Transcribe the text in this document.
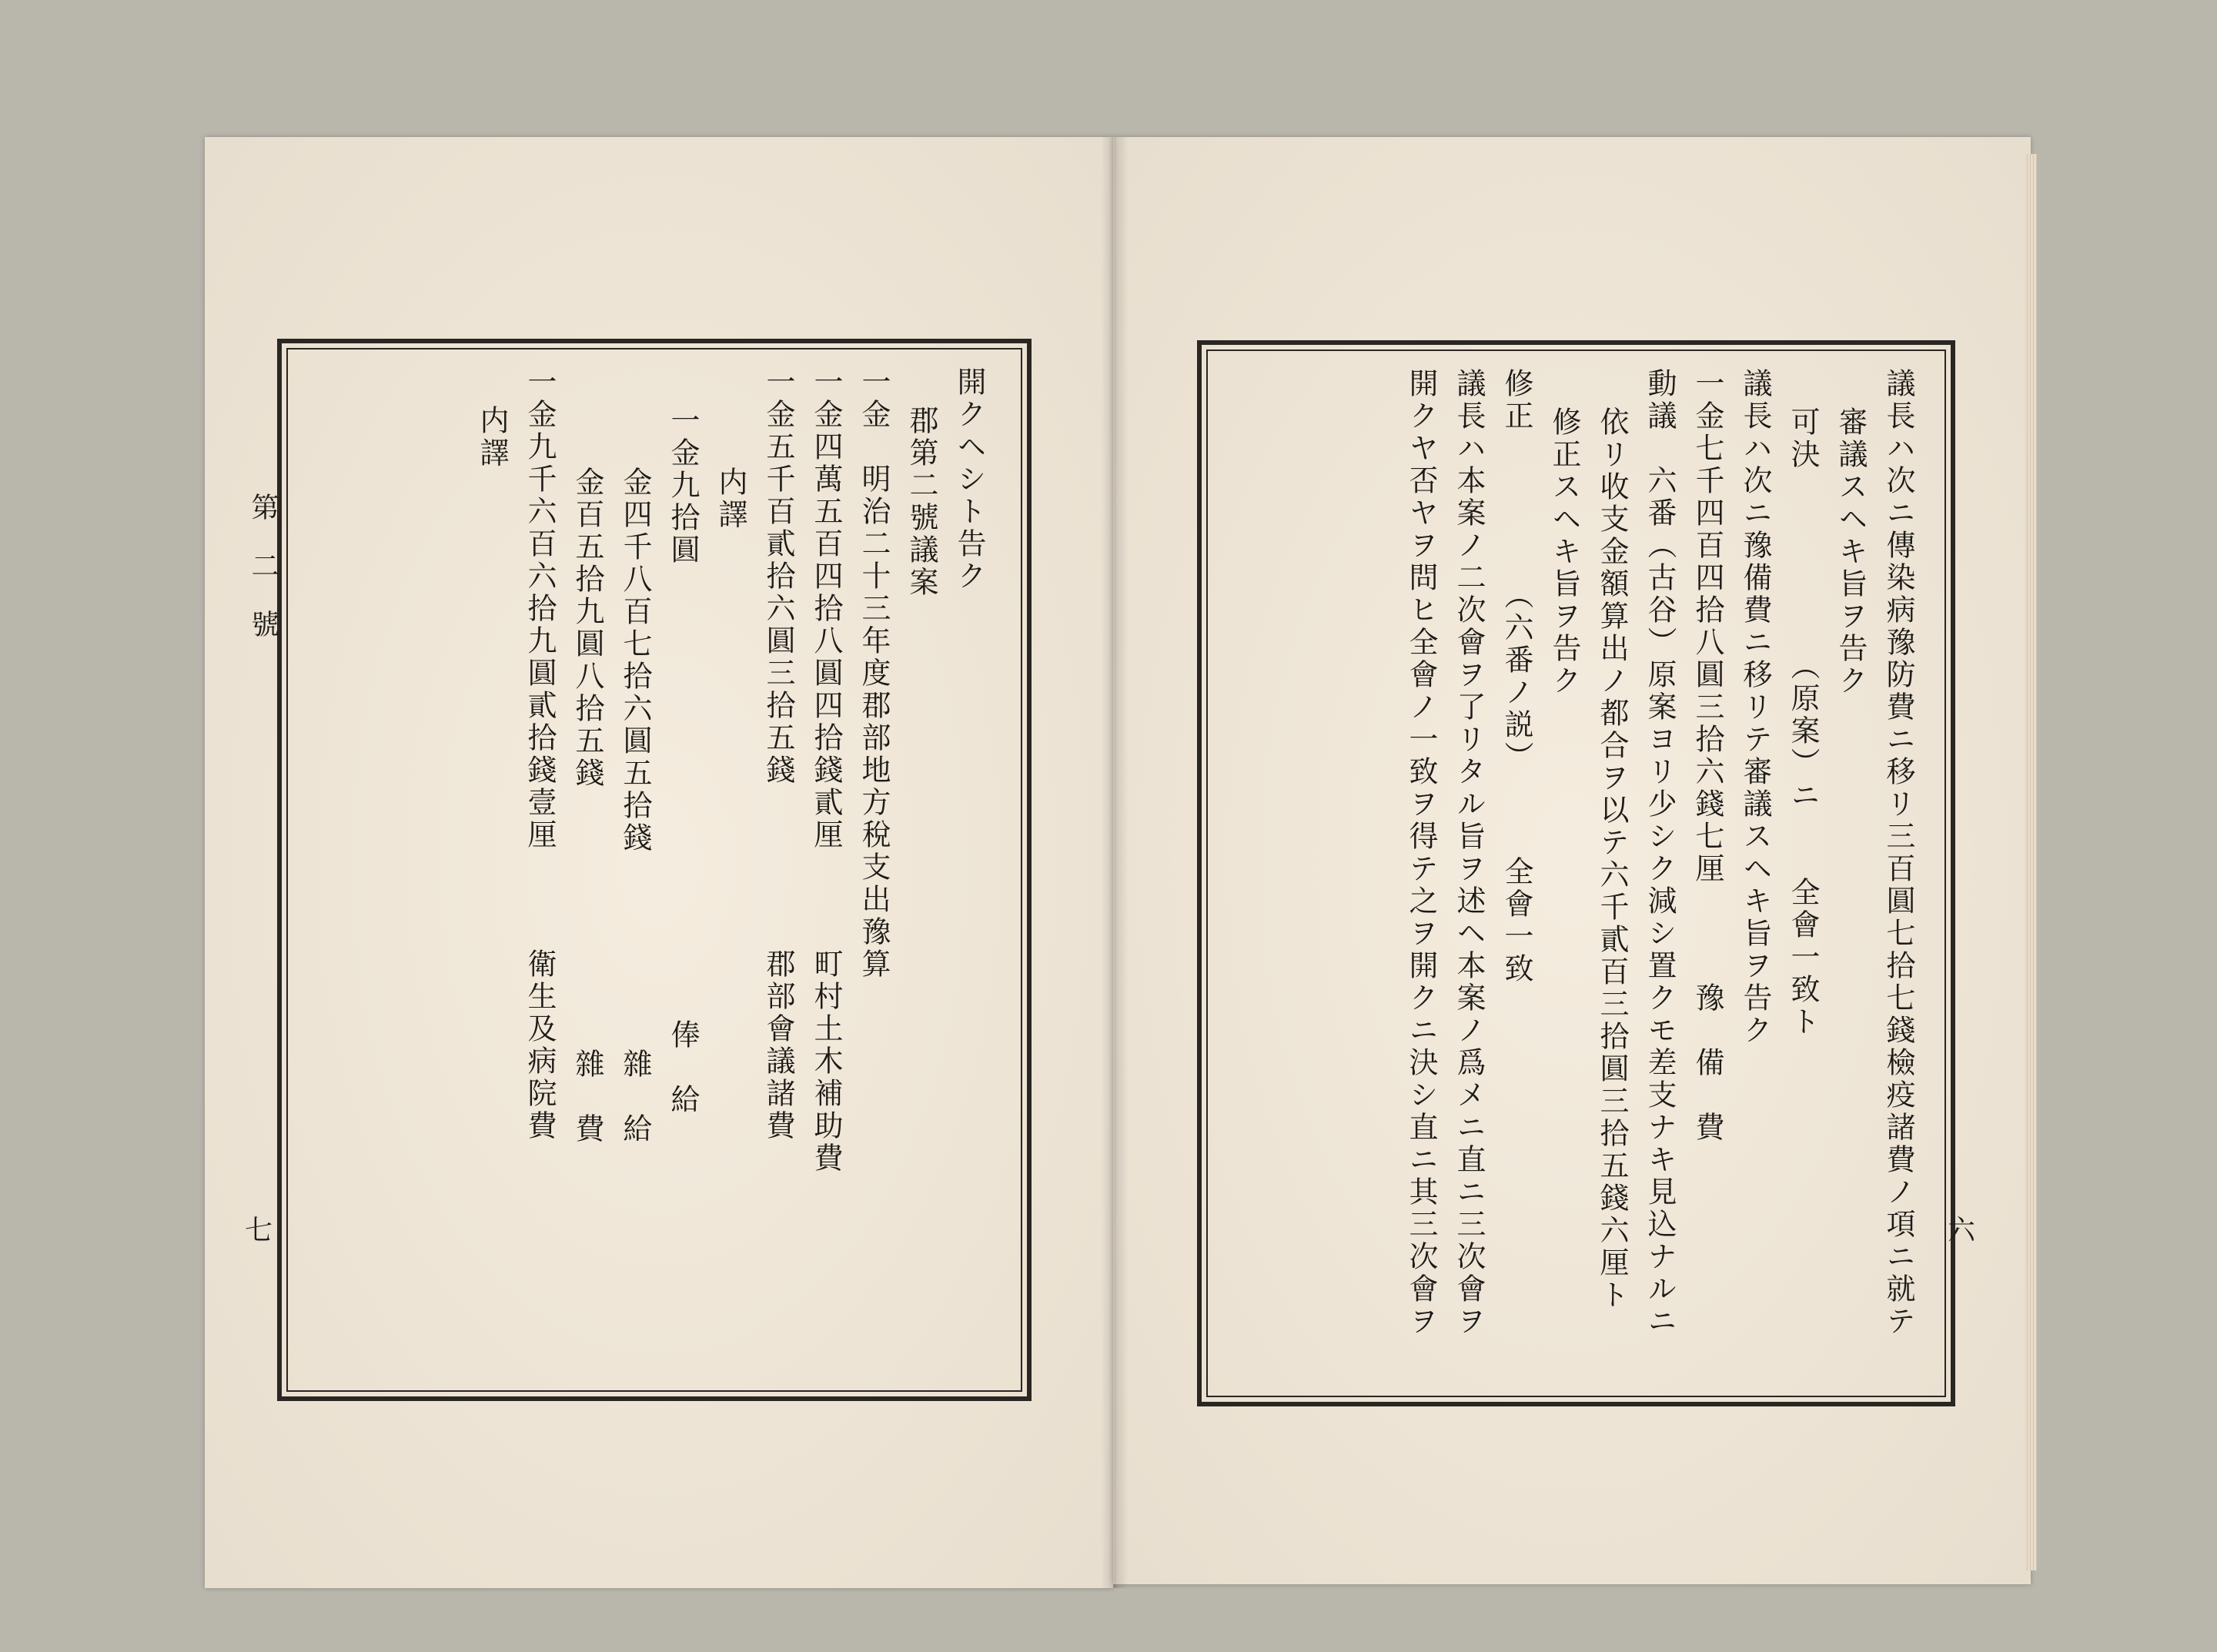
開クヘシト告ク
郡第二號議案
一金　明治二十三年度郡部地方稅支出豫算
一金四萬五百四拾八圓四拾錢貳厘　　　町村土木補助費
一金五千百貳拾六圓三拾五錢　　　　　郡部會議諸費
内譯
一金九拾圓　　　　　　　　　　　　　　俸　給
金四千八百七拾六圓五拾錢　　　　　　雜　給
金百五拾九圓八拾五錢　　　　　　　　雜　費
一金九千六百六拾九圓貳拾錢壹厘　　　衛生及病院費
内譯
第二號
七	議長ハ次ニ傳染病豫防費ニ移リ三百圓七拾七錢檢疫諸費ノ項ニ就テ
審議スヘキ旨ヲ告ク
可決　　　　　　（原案）ニ　　全會一致ト
議長ハ次ニ豫備費ニ移リテ審議スヘキ旨ヲ告ク
一金七千四百四拾八圓三拾六錢七厘　　　豫　備　費
動議　六番（古谷）原案ヨリ少シク減シ置クモ差支ナキ見込ナルニ
依リ收支金額算出ノ都合ヲ以テ六千貳百三拾圓三拾五錢六厘ト
修正スヘキ旨ヲ告ク
修正　　　　　（六番ノ説）　　　全會一致
議長ハ本案ノ二次會ヲ了リタル旨ヲ述ヘ本案ノ爲メニ直ニ三次會ヲ
開クヤ否ヤヲ問ヒ全會ノ一致ヲ得テ之ヲ開クニ決シ直ニ其三次會ヲ	六
